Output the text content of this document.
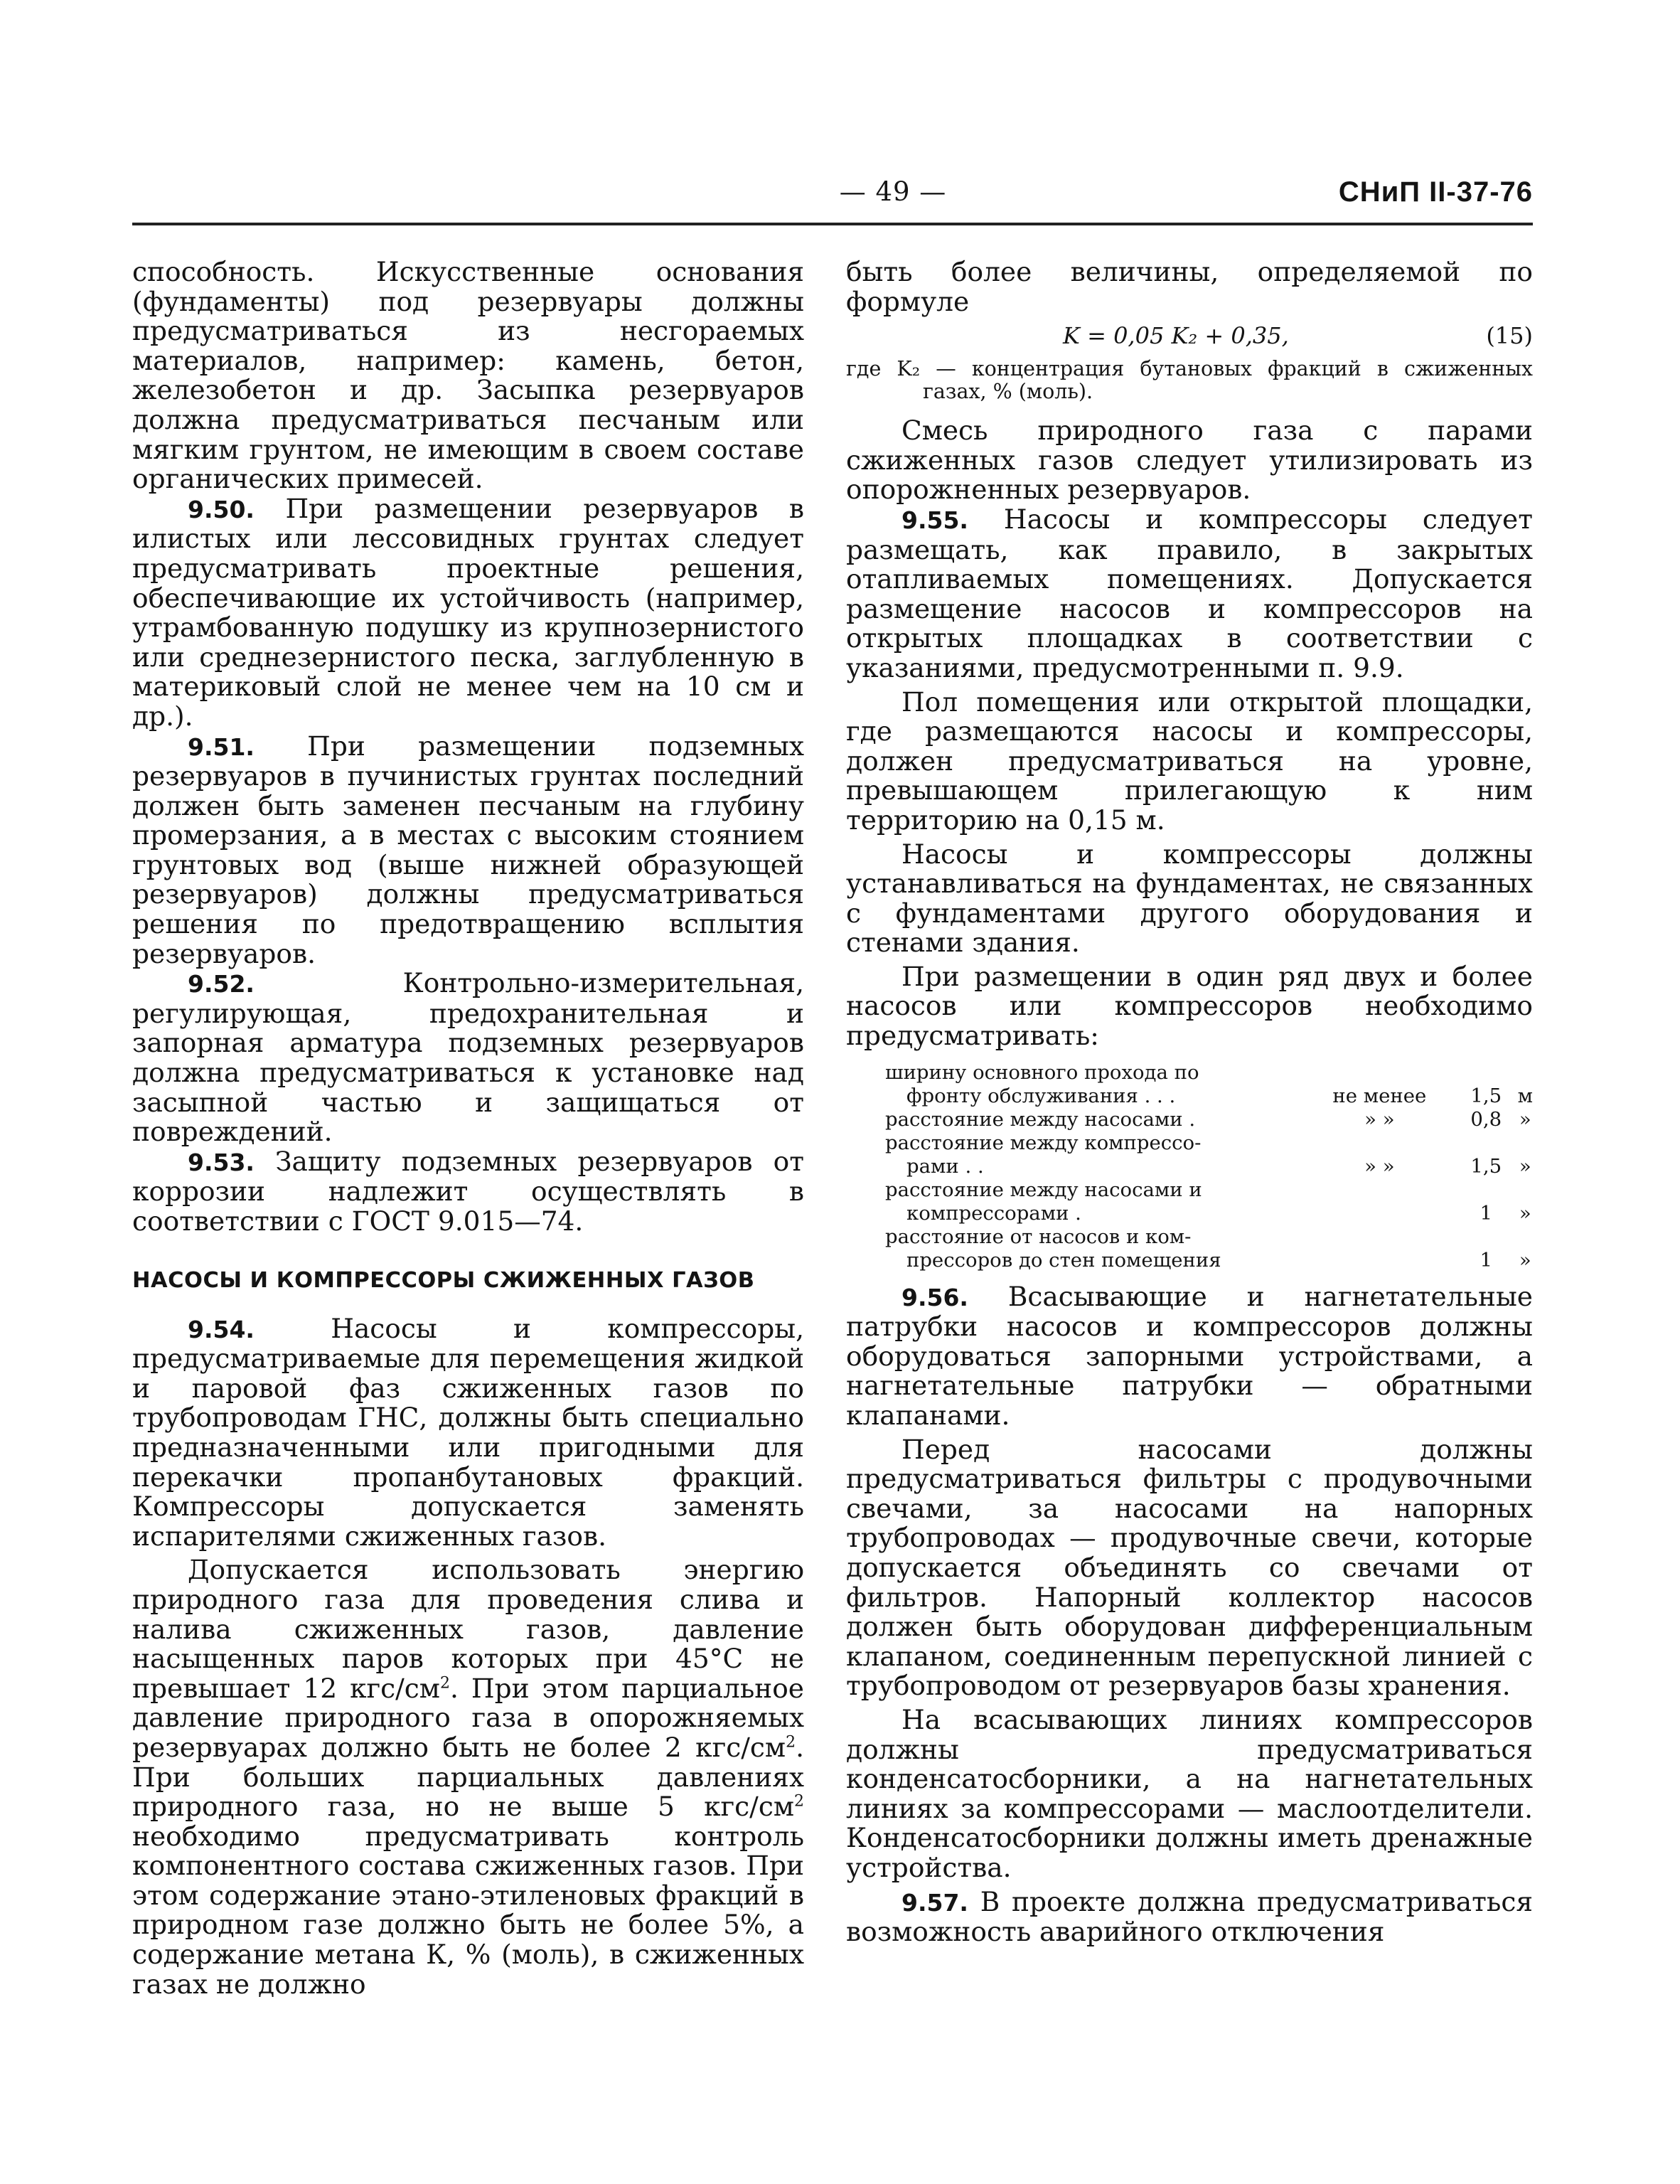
— 49 —	СНиП II-37-76

способность. Искусственные основания (фундаменты) под резервуары должны предусматриваться из несгораемых материалов, например: камень, бетон, железобетон и др. Засыпка резервуаров должна предусматриваться песчаным или мягким грунтом, не имеющим в своем составе органических примесей.

9.50. При размещении резервуаров в илистых или лессовидных грунтах следует предусматривать проектные решения, обеспечивающие их устойчивость (например, утрамбованную подушку из крупнозернистого или среднезернистого песка, заглубленную в материковый слой не менее чем на 10 см и др.).

9.51. При размещении подземных резервуаров в пучинистых грунтах последний должен быть заменен песчаным на глубину промерзания, а в местах с высоким стоянием грунтовых вод (выше нижней образующей резервуаров) должны предусматриваться решения по предотвращению всплытия резервуаров.

9.52. Контрольно-измерительная, регулирующая, предохранительная и запорная арматура подземных резервуаров должна предусматриваться к установке над засыпной частью и защищаться от повреждений.

9.53. Защиту подземных резервуаров от коррозии надлежит осуществлять в соответствии с ГОСТ 9.015—74.

НАСОСЫ И КОМПРЕССОРЫ СЖИЖЕННЫХ ГАЗОВ

9.54. Насосы и компрессоры, предусматриваемые для перемещения жидкой и паровой фаз сжиженных газов по трубопроводам ГНС, должны быть специально предназначенными или пригодными для перекачки пропанбутановых фракций. Компрессоры допускается заменять испарителями сжиженных газов.

Допускается использовать энергию природного газа для проведения слива и налива сжиженных газов, давление насыщенных паров которых при 45°С не превышает 12 кгс/$см^2$. При этом парциальное давление природного газа в опорожняемых резервуарах должно быть не более 2 кгс/$см^2$. При больших парциальных давлениях природного газа, но не выше 5 кгс/$см^2$ необходимо предусматривать контроль компонентного состава сжиженных газов. При этом содержание этано-этиленовых фракций в природном газе должно быть не более 5%, а содержание метана К, % (моль), в сжиженных газах не должно

быть более величины, определяемой по формуле

K = 0,05 K₂ + 0,35,	(15)

где K₂ — концентрация бутановых фракций в сжиженных газах, % (моль).

Смесь природного газа с парами сжиженных газов следует утилизировать из опорожненных резервуаров.

9.55. Насосы и компрессоры следует размещать, как правило, в закрытых отапливаемых помещениях. Допускается размещение насосов и компрессоров на открытых площадках в соответствии с указаниями, предусмотренными п. 9.9.

Пол помещения или открытой площадки, где размещаются насосы и компрессоры, должен предусматриваться на уровне, превышающем прилегающую к ним территорию на 0,15 м.

Насосы и компрессоры должны устанавливаться на фундаментах, не связанных с фундаментами другого оборудования и стенами здания.

При размещении в один ряд двух и более насосов или компрессоров необходимо предусматривать:

ширину основного прохода по			
фронту обслуживания . . .	не менее	1,5	м
расстояние между насосами .	» »	0,8	»
расстояние между компрессо-			
рами . .	» »	1,5	»
расстояние между насосами и			
компрессорами .		1	»
расстояние от насосов и ком-			
прессоров до стен помещения		1	»

9.56. Всасывающие и нагнетательные патрубки насосов и компрессоров должны оборудоваться запорными устройствами, а нагнетательные патрубки — обратными клапанами.

Перед насосами должны предусматриваться фильтры с продувочными свечами, за насосами на напорных трубопроводах — продувочные свечи, которые допускается объединять со свечами от фильтров. Напорный коллектор насосов должен быть оборудован дифференциальным клапаном, соединенным перепускной линией с трубопроводом от резервуаров базы хранения.

На всасывающих линиях компрессоров должны предусматриваться конденсатосборники, а на нагнетательных линиях за компрессорами — маслоотделители. Конденсатосборники должны иметь дренажные устройства.

9.57. В проекте должна предусматриваться возможность аварийного отключения
